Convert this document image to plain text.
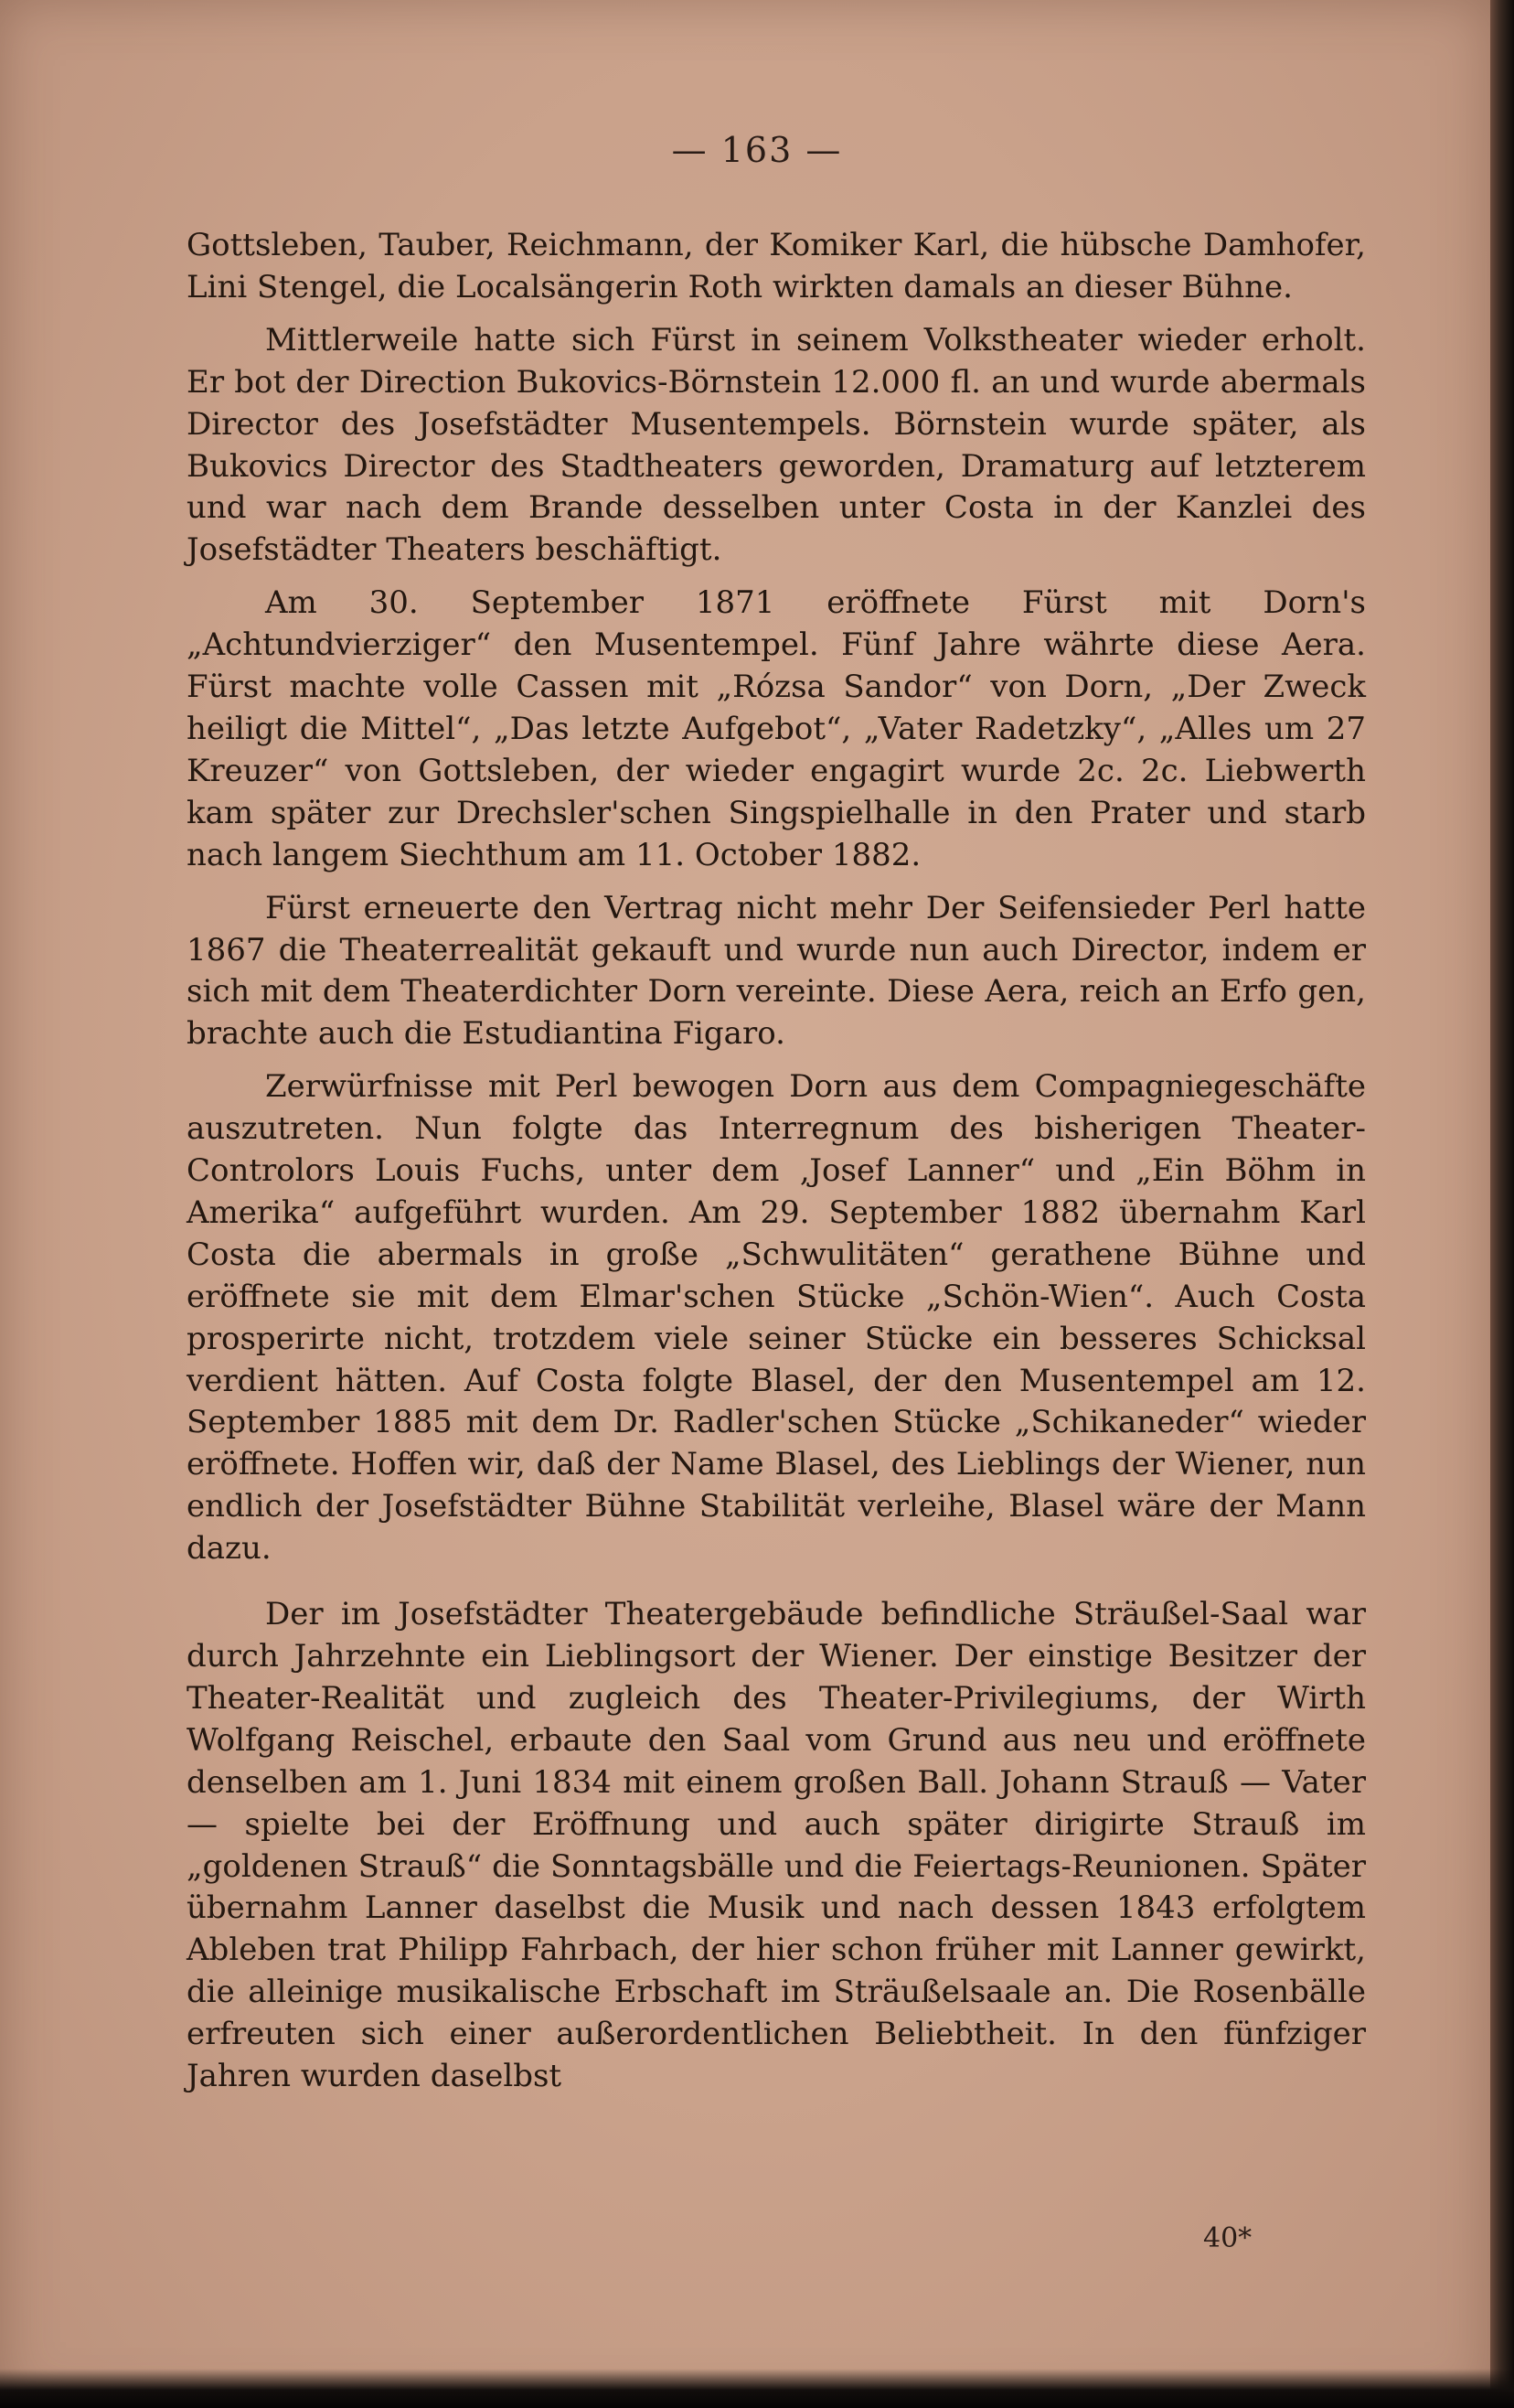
— 163 —

Gottsleben, Tauber, Reichmann, der Komiker Karl, die hübsche Damhofer, Lini Stengel, die Localsängerin Roth wirkten damals an dieser Bühne.

Mittlerweile hatte sich Fürst in seinem Volkstheater wieder erholt. Er bot der Direction Bukovics-Börnstein 12.000 fl. an und wurde abermals Director des Josefstädter Musentempels. Börnstein wurde später, als Bukovics Director des Stadtheaters geworden, Dramaturg auf letzterem und war nach dem Brande desselben unter Costa in der Kanzlei des Josefstädter Theaters beschäftigt.

Am 30. September 1871 eröffnete Fürst mit Dorn's „Achtundvierziger“ den Musentempel. Fünf Jahre währte diese Aera. Fürst machte volle Cassen mit „Rózsa Sandor“ von Dorn, „Der Zweck heiligt die Mittel“, „Das letzte Aufgebot“, „Vater Radetzky“, „Alles um 27 Kreuzer“ von Gottsleben, der wieder engagirt wurde 2c. 2c. Liebwerth kam später zur Drechsler'schen Singspielhalle in den Prater und starb nach langem Siechthum am 11. October 1882.

Fürst erneuerte den Vertrag nicht mehr Der Seifensieder Perl hatte 1867 die Theaterrealität gekauft und wurde nun auch Director, indem er sich mit dem Theaterdichter Dorn vereinte. Diese Aera, reich an Erfo gen, brachte auch die Estudiantina Figaro.

Zerwürfnisse mit Perl bewogen Dorn aus dem Compagniegeschäfte auszutreten. Nun folgte das Interregnum des bisherigen Theater-Controlors Louis Fuchs, unter dem ‚Josef Lanner“ und „Ein Böhm in Amerika“ aufgeführt wurden. Am 29. September 1882 übernahm Karl Costa die abermals in große „Schwulitäten“ gerathene Bühne und eröffnete sie mit dem Elmar'schen Stücke „Schön-Wien“. Auch Costa prosperirte nicht, trotzdem viele seiner Stücke ein besseres Schicksal verdient hätten. Auf Costa folgte Blasel, der den Musentempel am 12. September 1885 mit dem Dr. Radler'schen Stücke „Schikaneder“ wieder eröffnete. Hoffen wir, daß der Name Blasel, des Lieblings der Wiener, nun endlich der Josefstädter Bühne Stabilität verleihe, Blasel wäre der Mann dazu.

Der im Josefstädter Theatergebäude befindliche Sträußel-Saal war durch Jahrzehnte ein Lieblingsort der Wiener. Der einstige Besitzer der Theater-Realität und zugleich des Theater-Privilegiums, der Wirth Wolfgang Reischel, erbaute den Saal vom Grund aus neu und eröffnete denselben am 1. Juni 1834 mit einem großen Ball. Johann Strauß — Vater — spielte bei der Eröffnung und auch später dirigirte Strauß im „goldenen Strauß“ die Sonntagsbälle und die Feiertags-Reunionen. Später übernahm Lanner daselbst die Musik und nach dessen 1843 erfolgtem Ableben trat Philipp Fahrbach, der hier schon früher mit Lanner gewirkt, die alleinige musikalische Erbschaft im Sträußelsaale an. Die Rosenbälle erfreuten sich einer außerordentlichen Beliebtheit. In den fünfziger Jahren wurden daselbst

40*
